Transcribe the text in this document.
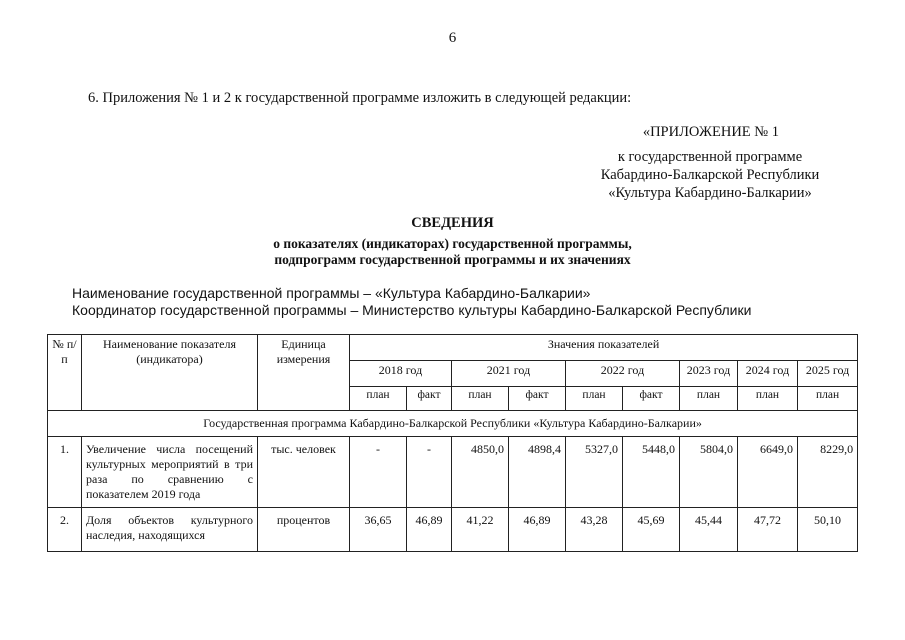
6
6. Приложения № 1 и 2 к государственной программе изложить в следующей редакции:
«ПРИЛОЖЕНИЕ № 1
к государственной программе
Кабардино-Балкарской Республики
«Культура Кабардино-Балкарии»
СВЕДЕНИЯ
о показателях (индикаторах) государственной программы,
подпрограмм государственной программы и их значениях
Наименование государственной программы – «Культура Кабардино-Балкарии»
Координатор государственной программы – Министерство культуры Кабардино-Балкарской Республики
№ п/п	Наименование показателя (индикатора)	Единица измерения	Значения показателей								
			2018 год		2021 год		2022 год		2023 год	2024 год	2025 год
			план	факт	план	факт	план	факт	план	план	план
Государственная программа Кабардино-Балкарской Республики «Культура Кабардино-Балкарии»											
1.	Увеличение числа посещений культурных мероприятий в три раза по сравнению с показателем 2019 года	тыс. человек	-	-	4850,0	4898,4	5327,0	5448,0	5804,0	6649,0	8229,0
2.	Доля объектов культурного наследия, находящихся	процентов	36,65	46,89	41,22	46,89	43,28	45,69	45,44	47,72	50,10
